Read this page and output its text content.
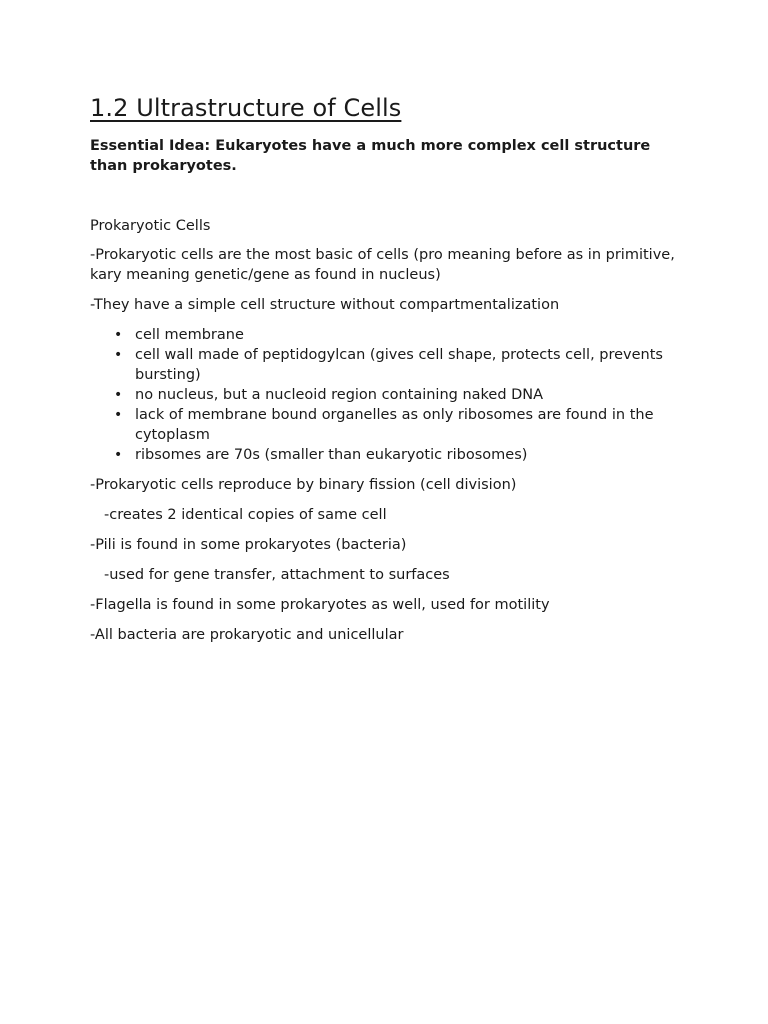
1.2 Ultrastructure of Cells

Essential Idea: Eukaryotes have a much more complex cell structure than prokaryotes.

Prokaryotic Cells

-Prokaryotic cells are the most basic of cells (pro meaning before as in primitive, kary meaning genetic/gene as found in nucleus)

-They have a simple cell structure without compartmentalization

• cell membrane
• cell wall made of peptidogylcan (gives cell shape, protects cell, prevents bursting)
• no nucleus, but a nucleoid region containing naked DNA
• lack of membrane bound organelles as only ribosomes are found in the cytoplasm
• ribsomes are 70s (smaller than eukaryotic ribosomes)

-Prokaryotic cells reproduce by binary fission (cell division)

-creates 2 identical copies of same cell

-Pili is found in some prokaryotes (bacteria)

-used for gene transfer, attachment to surfaces

-Flagella is found in some prokaryotes as well, used for motility

-All bacteria are prokaryotic and unicellular
